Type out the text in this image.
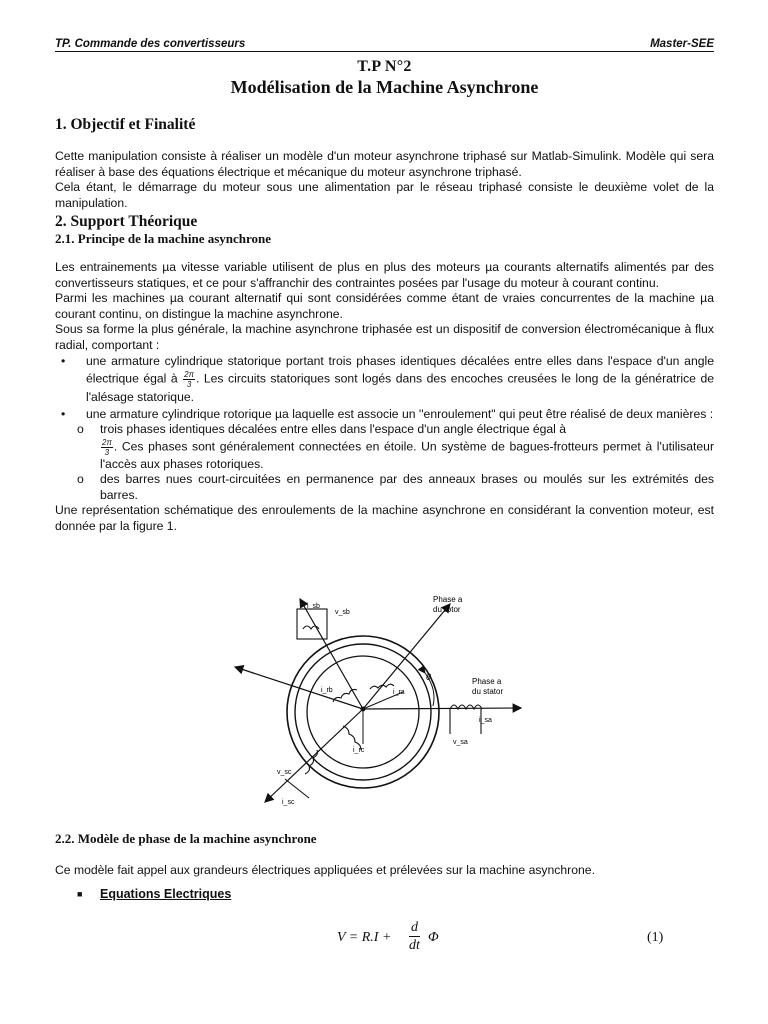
TP. Commande des convertisseurs	Master-SEE
T.P N°2
Modélisation de la Machine Asynchrone
1. Objectif et Finalité

Cette manipulation consiste à réaliser un modèle d'un moteur asynchrone triphasé sur Matlab-Simulink. Modèle qui sera réaliser à base des équations électrique et mécanique du moteur asynchrone triphasé.

Cela étant, le démarrage du moteur sous une alimentation par le réseau triphasé consiste le deuxième volet de la manipulation.

2. Support Théorique
2.1. Principe de la machine asynchrone

Les entrainements µa vitesse variable utilisent de plus en plus des moteurs µa courants alternatifs alimentés par des convertisseurs statiques, et ce pour s'affranchir des contraintes posées par l'usage du moteur à courant continu.

Parmi les machines µa courant alternatif qui sont considérées comme étant de vraies concurrentes de la machine µa courant continu, on distingue la machine asynchrone.

Sous sa forme la plus générale, la machine asynchrone triphasée est un dispositif de conversion électromécanique à flux radial, comportant :

• une armature cylindrique statorique portant trois phases identiques décalées entre elles dans l'espace d'un angle électrique égal à $\frac{2\pi}{3}$ . Les circuits statoriques sont logés dans des encoches creusées le long de la génératrice de l'alésage statorique.
• une armature cylindrique rotorique µa laquelle est associe un ''enroulement" qui peut être réalisé de deux manières :
o trois phases identiques décalées entre elles dans l'espace d'un angle électrique égal à

$\frac{2\pi}{3}$ . Ces phases sont généralement connectées en étoile. Un système de bagues-frotteurs permet à l'utilisateur l'accès aux phases rotoriques.
o des barres nues court-circuitées en permanence par des anneaux brases ou moulés sur les extrémités des barres.

Une représentation schématique des enroulements de la machine asynchrone en considérant la convention moteur, est donnée par la figure 1.

θ
Phase a
du rotor
Phase a
du stator
i_sb
v_sb
i_ra
i_rb
i_rc
i_sa
v_sa
v_sc
i_sc
2.2. Modèle de phase de la machine asynchrone

Ce modèle fait appel aux grandeurs électriques appliquées et prélevées sur la machine asynchrone.

■ Equations Electriques
V = R.I +
d
dt
Φ	(1)
